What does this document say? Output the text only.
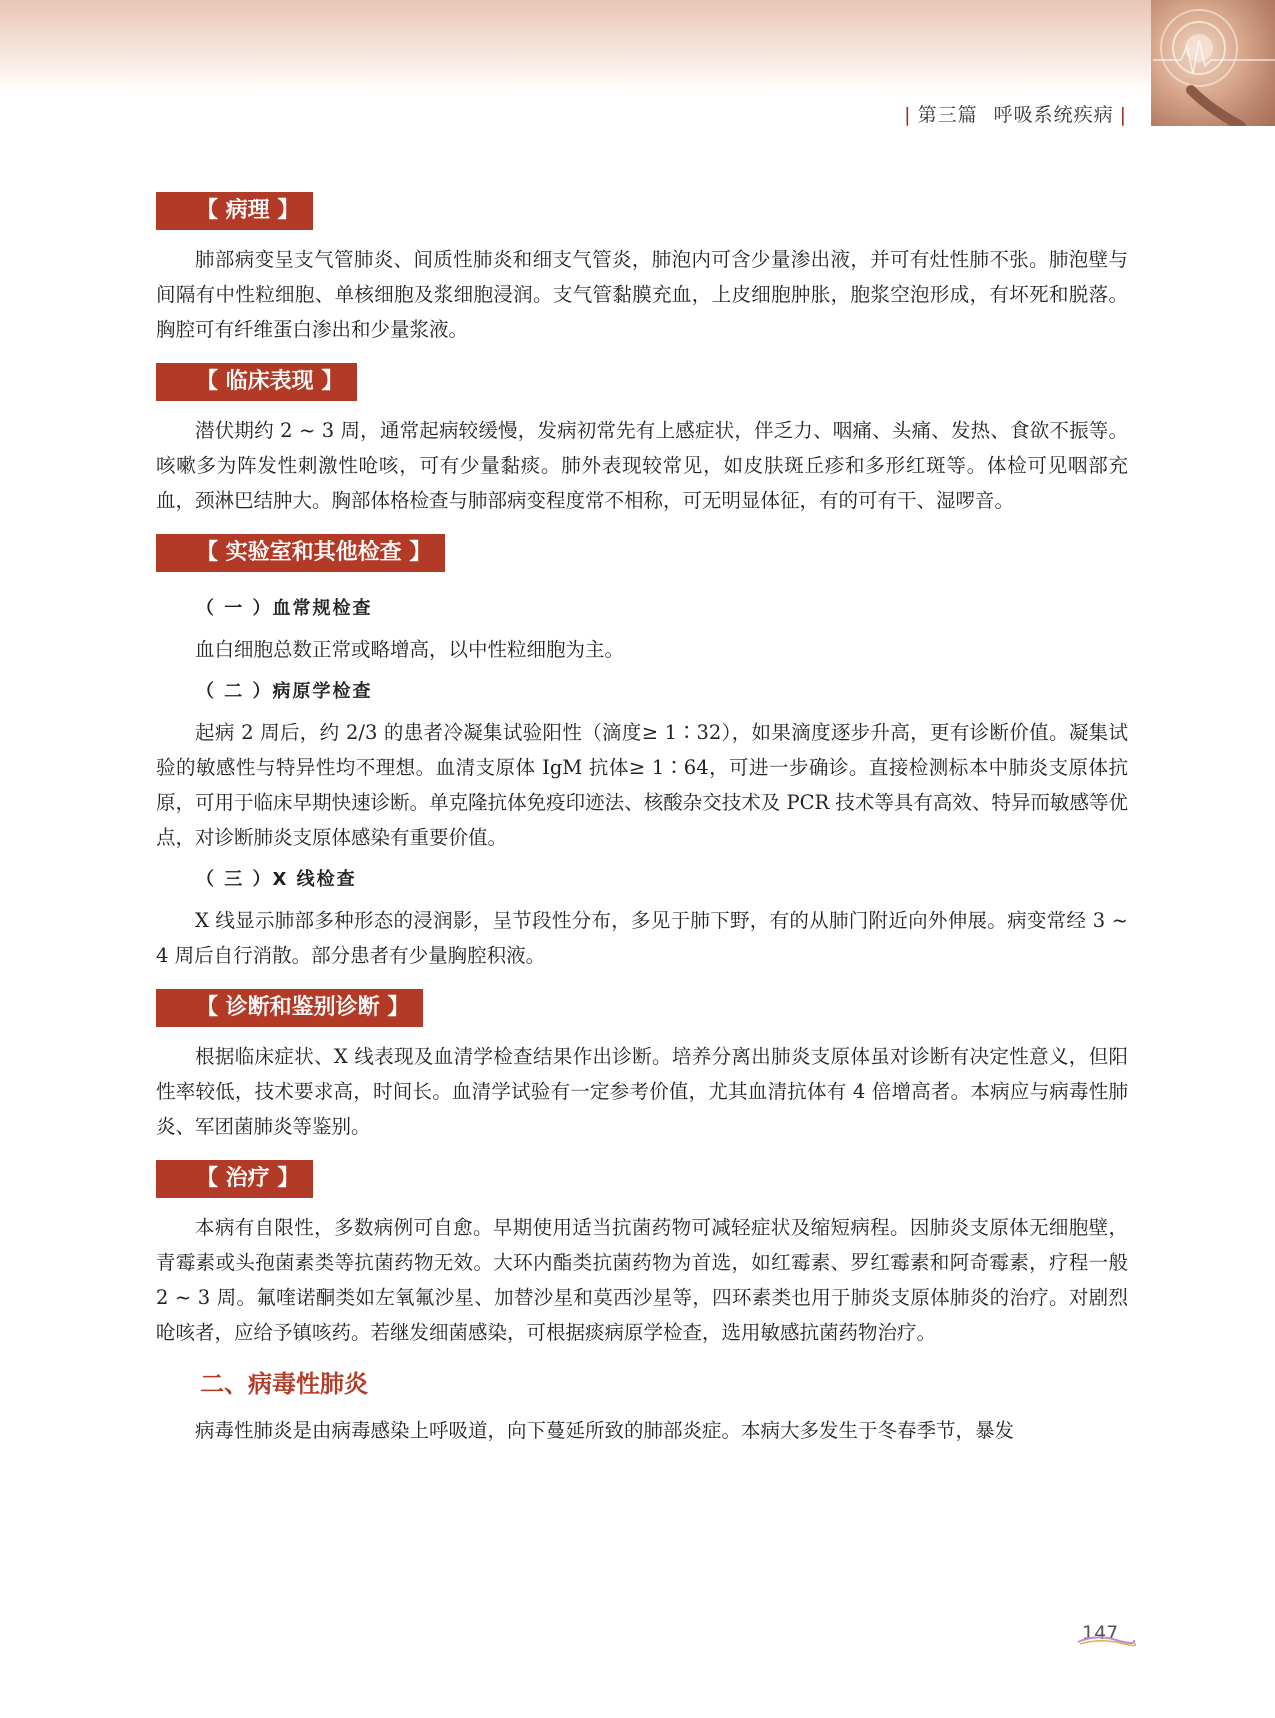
| 第三篇 呼吸系统疾病 |
【 病理 】

肺部病变呈支气管肺炎、间质性肺炎和细支气管炎，肺泡内可含少量渗出液，并可有灶性肺不张。肺泡壁与间隔有中性粒细胞、单核细胞及浆细胞浸润。支气管黏膜充血，上皮细胞肿胀，胞浆空泡形成，有坏死和脱落。胸腔可有纤维蛋白渗出和少量浆液。

【 临床表现 】

潜伏期约 2 ~ 3 周，通常起病较缓慢，发病初常先有上感症状，伴乏力、咽痛、头痛、发热、食欲不振等。咳嗽多为阵发性刺激性呛咳，可有少量黏痰。肺外表现较常见，如皮肤斑丘疹和多形红斑等。体检可见咽部充血，颈淋巴结肿大。胸部体格检查与肺部病变程度常不相称，可无明显体征，有的可有干、湿啰音。

【 实验室和其他检查 】
（ 一 ）血常规检查

血白细胞总数正常或略增高，以中性粒细胞为主。

（ 二 ）病原学检查

起病 2 周后，约 2/3 的患者冷凝集试验阳性（滴度≥ 1∶32），如果滴度逐步升高，更有诊断价值。凝集试验的敏感性与特异性均不理想。血清支原体 IgM 抗体≥ 1∶64，可进一步确诊。直接检测标本中肺炎支原体抗原，可用于临床早期快速诊断。单克隆抗体免疫印迹法、核酸杂交技术及 PCR 技术等具有高效、特异而敏感等优点，对诊断肺炎支原体感染有重要价值。

（ 三 ）X 线检查

X 线显示肺部多种形态的浸润影，呈节段性分布，多见于肺下野，有的从肺门附近向外伸展。病变常经 3 ~ 4 周后自行消散。部分患者有少量胸腔积液。

【 诊断和鉴别诊断 】

根据临床症状、X 线表现及血清学检查结果作出诊断。培养分离出肺炎支原体虽对诊断有决定性意义，但阳性率较低，技术要求高，时间长。血清学试验有一定参考价值，尤其血清抗体有 4 倍增高者。本病应与病毒性肺炎、军团菌肺炎等鉴别。

【 治疗 】

本病有自限性，多数病例可自愈。早期使用适当抗菌药物可减轻症状及缩短病程。因肺炎支原体无细胞壁，青霉素或头孢菌素类等抗菌药物无效。大环内酯类抗菌药物为首选，如红霉素、罗红霉素和阿奇霉素，疗程一般 2 ~ 3 周。氟喹诺酮类如左氧氟沙星、加替沙星和莫西沙星等，四环素类也用于肺炎支原体肺炎的治疗。对剧烈呛咳者，应给予镇咳药。若继发细菌感染，可根据痰病原学检查，选用敏感抗菌药物治疗。

二、病毒性肺炎

病毒性肺炎是由病毒感染上呼吸道，向下蔓延所致的肺部炎症。本病大多发生于冬春季节，暴发

147
